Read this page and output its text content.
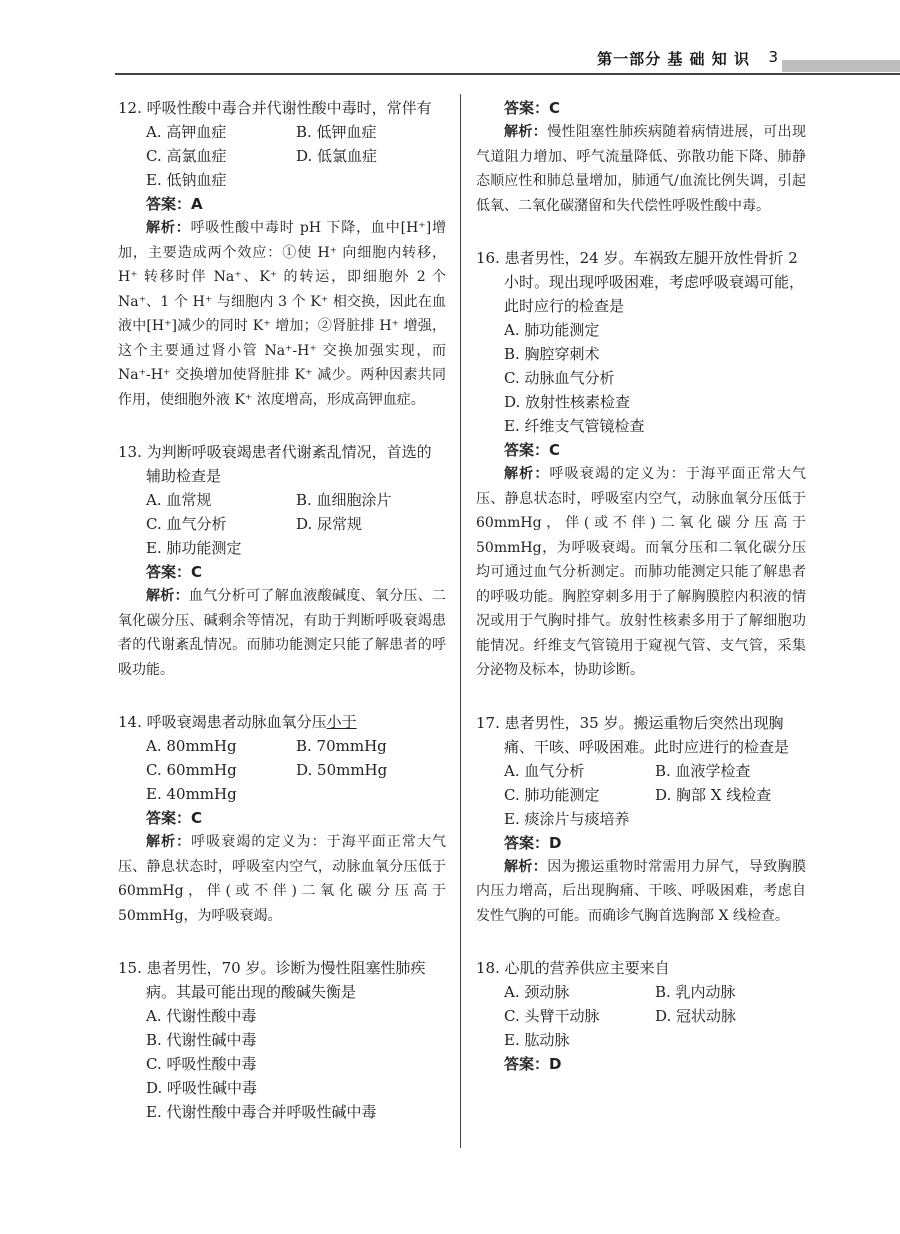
第一部分 基 础 知 识 3
12. 呼吸性酸中毒合并代谢性酸中毒时，常伴有
A. 高钾血症	B. 低钾血症
C. 高氯血症	D. 低氯血症
E. 低钠血症
答案：A
解析：呼吸性酸中毒时 pH 下降，血中[H⁺]增加，主要造成两个效应：①使 H⁺ 向细胞内转移，H⁺ 转移时伴 Na⁺、K⁺ 的转运，即细胞外 2 个 Na⁺、1 个 H⁺ 与细胞内 3 个 K⁺ 相交换，因此在血液中[H⁺]减少的同时 K⁺ 增加；②肾脏排 H⁺ 增强，这个主要通过肾小管 Na⁺-H⁺ 交换加强实现，而 Na⁺-H⁺ 交换增加使肾脏排 K⁺ 减少。两种因素共同作用，使细胞外液 K⁺ 浓度增高，形成高钾血症。
13. 为判断呼吸衰竭患者代谢紊乱情况，首选的辅助检查是
A. 血常规	B. 血细胞涂片
C. 血气分析	D. 尿常规
E. 肺功能测定
答案：C
解析：血气分析可了解血液酸碱度、氧分压、二氧化碳分压、碱剩余等情况，有助于判断呼吸衰竭患者的代谢紊乱情况。而肺功能测定只能了解患者的呼吸功能。
14. 呼吸衰竭患者动脉血氧分压小于
A. 80mmHg	B. 70mmHg
C. 60mmHg	D. 50mmHg
E. 40mmHg
答案：C
解析：呼吸衰竭的定义为：于海平面正常大气压、静息状态时，呼吸室内空气，动脉血氧分压低于 60mmHg，伴(或不伴)二氧化碳分压高于 50mmHg，为呼吸衰竭。
15. 患者男性，70 岁。诊断为慢性阻塞性肺疾病。其最可能出现的酸碱失衡是
A. 代谢性酸中毒
B. 代谢性碱中毒
C. 呼吸性酸中毒
D. 呼吸性碱中毒
E. 代谢性酸中毒合并呼吸性碱中毒
答案：C
解析：慢性阻塞性肺疾病随着病情进展，可出现气道阻力增加、呼气流量降低、弥散功能下降、肺静态顺应性和肺总量增加，肺通气/血流比例失调，引起低氧、二氧化碳潴留和失代偿性呼吸性酸中毒。
16. 患者男性，24 岁。车祸致左腿开放性骨折 2 小时。现出现呼吸困难，考虑呼吸衰竭可能，此时应行的检查是
A. 肺功能测定
B. 胸腔穿刺术
C. 动脉血气分析
D. 放射性核素检查
E. 纤维支气管镜检查
答案：C
解析：呼吸衰竭的定义为：于海平面正常大气压、静息状态时，呼吸室内空气，动脉血氧分压低于 60mmHg，伴(或不伴)二氧化碳分压高于 50mmHg，为呼吸衰竭。而氧分压和二氧化碳分压均可通过血气分析测定。而肺功能测定只能了解患者的呼吸功能。胸腔穿刺多用于了解胸膜腔内积液的情况或用于气胸时排气。放射性核素多用于了解细胞功能情况。纤维支气管镜用于窥视气管、支气管，采集分泌物及标本，协助诊断。
17. 患者男性，35 岁。搬运重物后突然出现胸痛、干咳、呼吸困难。此时应进行的检查是
A. 血气分析	B. 血液学检查
C. 肺功能测定	D. 胸部 X 线检查
E. 痰涂片与痰培养
答案：D
解析：因为搬运重物时常需用力屏气，导致胸膜内压力增高，后出现胸痛、干咳、呼吸困难，考虑自发性气胸的可能。而确诊气胸首选胸部 X 线检查。
18. 心肌的营养供应主要来自
A. 颈动脉	B. 乳内动脉
C. 头臂干动脉	D. 冠状动脉
E. 肱动脉
答案：D
